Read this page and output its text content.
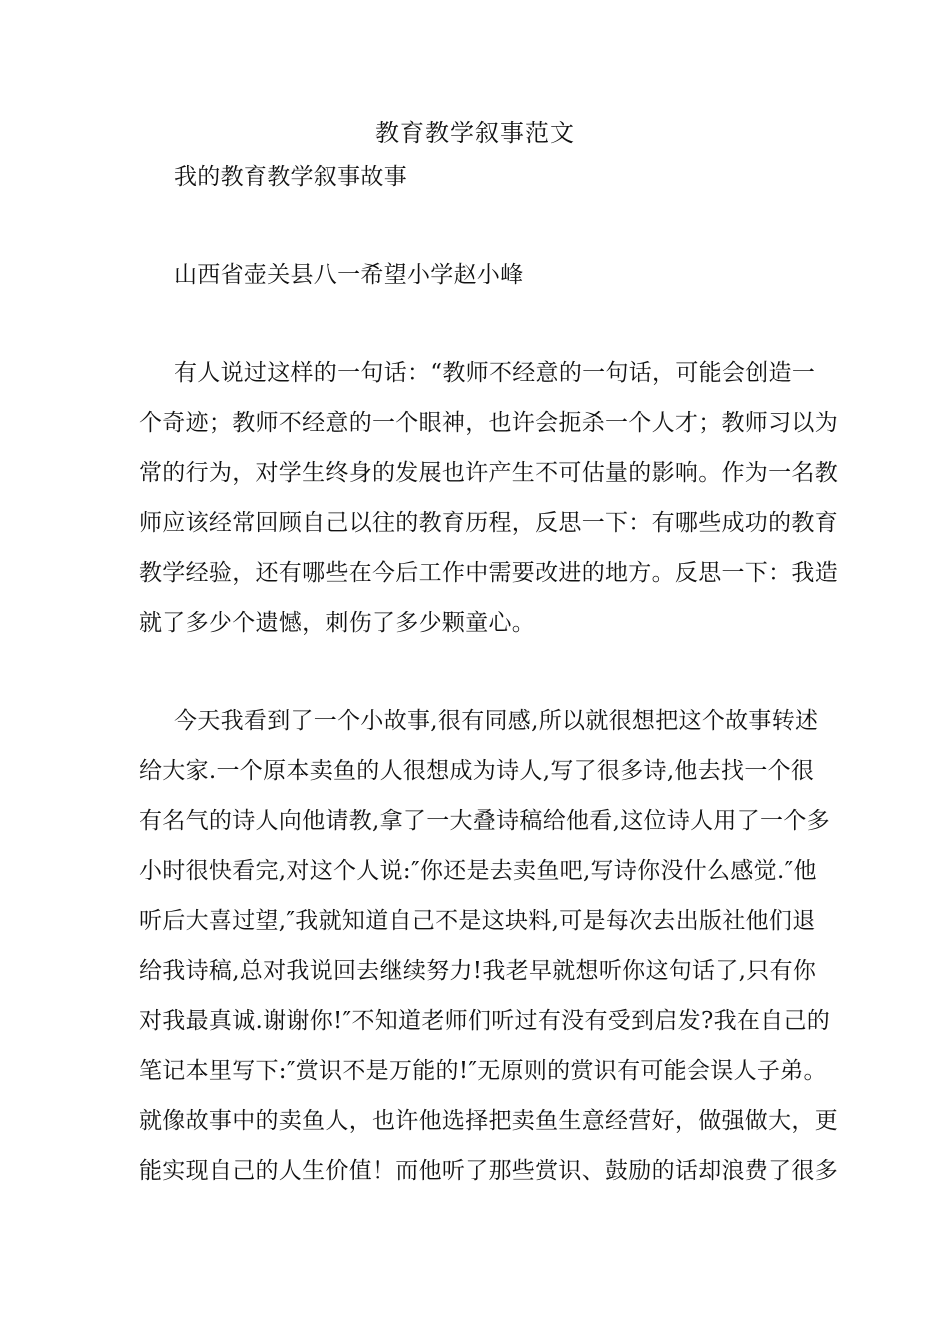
教育教学叙事范文
我的教育教学叙事故事
山西省壶关县八一希望小学赵小峰
有人说过这样的一句话：“教师不经意的一句话，可能会创造一
个奇迹；教师不经意的一个眼神，也许会扼杀一个人才；教师习以为
常的行为，对学生终身的发展也许产生不可估量的影响。作为一名教
师应该经常回顾自己以往的教育历程，反思一下：有哪些成功的教育
教学经验，还有哪些在今后工作中需要改进的地方。反思一下：我造
就了多少个遗憾，刺伤了多少颗童心。
今天我看到了一个小故事,很有同感,所以就很想把这个故事转述
给大家.一个原本卖鱼的人很想成为诗人,写了很多诗,他去找一个很
有名气的诗人向他请教,拿了一大叠诗稿给他看,这位诗人用了一个多
小时很快看完,对这个人说:″你还是去卖鱼吧,写诗你没什么感觉.″他
听后大喜过望,″我就知道自己不是这块料,可是每次去出版社他们退
给我诗稿,总对我说回去继续努力!我老早就想听你这句话了,只有你
对我最真诚.谢谢你!″不知道老师们听过有没有受到启发?我在自己的
笔记本里写下:″赏识不是万能的!″无原则的赏识有可能会误人子弟。
就像故事中的卖鱼人，也许他选择把卖鱼生意经营好，做强做大，更
能实现自己的人生价值！而他听了那些赏识、鼓励的话却浪费了很多
